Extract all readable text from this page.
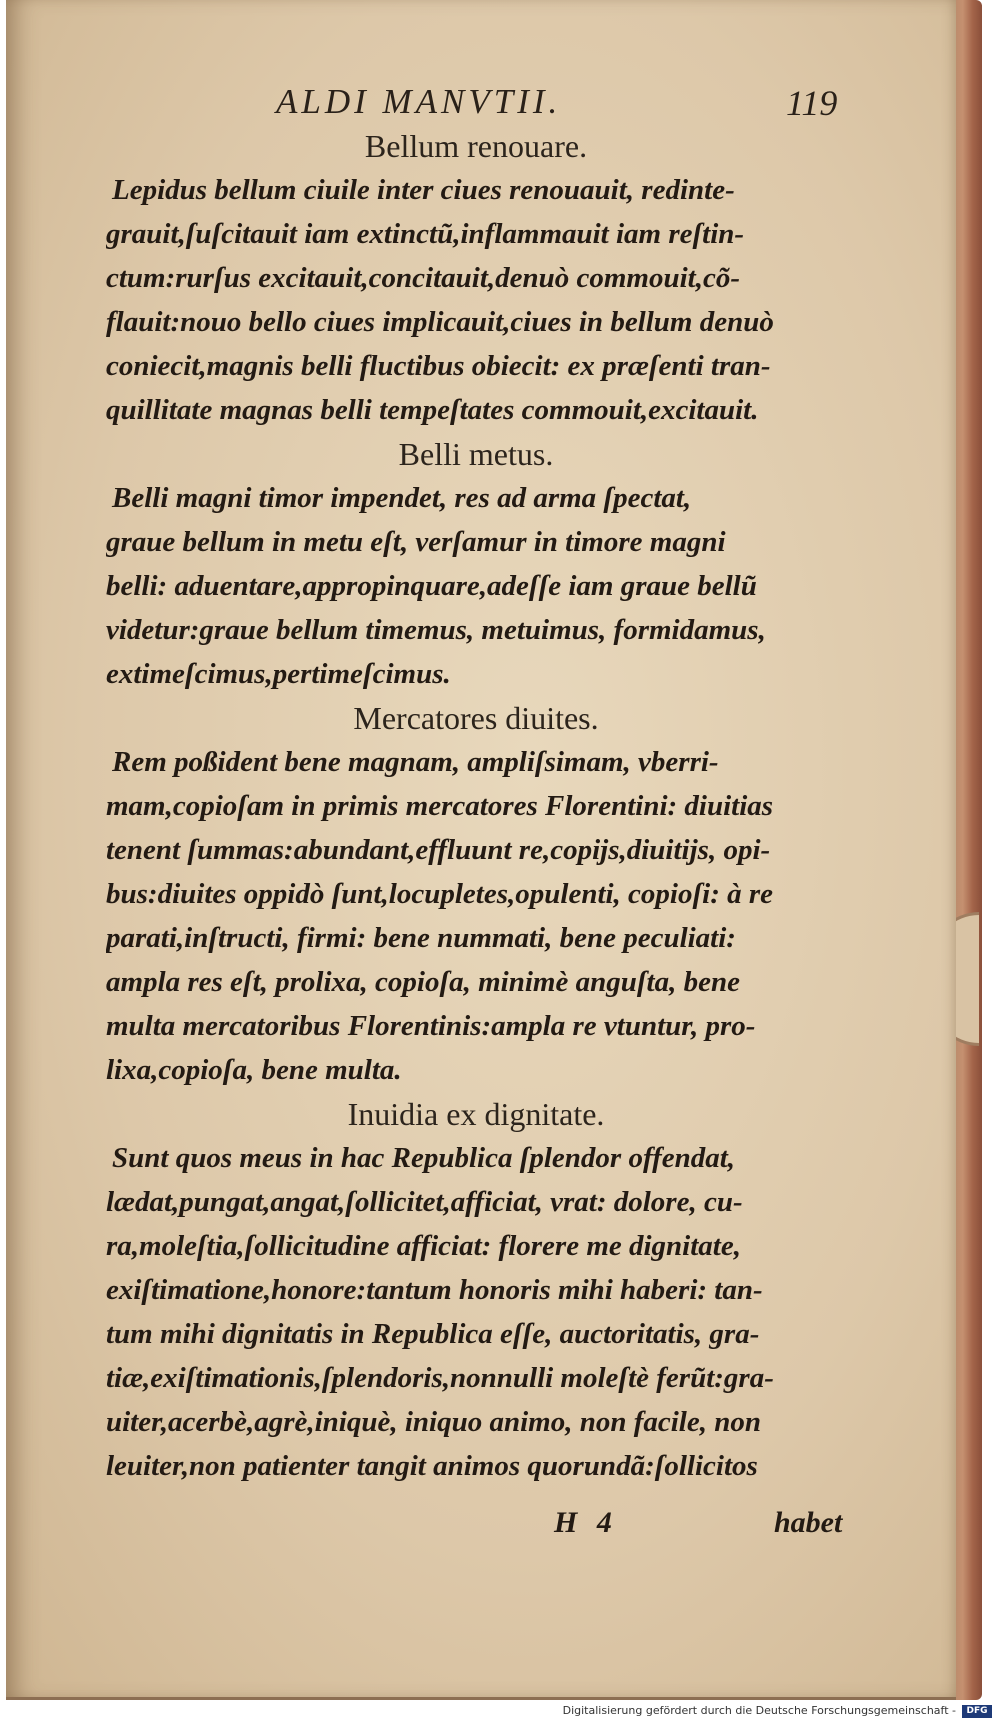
ALDI MANVTII.	119
Bellum renouare.
Lepidus bellum ciuile inter ciues renouauit, redinte-
grauit,ſuſcitauit iam extinctũ,inflammauit iam reſtin-
ctum:rurſus excitauit,concitauit,denuò commouit,cõ-
flauit:nouo bello ciues implicauit,ciues in bellum denuò
coniecit,magnis belli fluctibus obiecit: ex præſenti tran-
quillitate magnas belli tempeſtates commouit,excitauit.
Belli metus.
Belli magni timor impendet, res ad arma ſpectat,
graue bellum in metu eſt, verſamur in timore magni
belli: aduentare,appropinquare,adeſſe iam graue bellũ
videtur:graue bellum timemus, metuimus, formidamus,
extimeſcimus,pertimeſcimus.
Mercatores diuites.
Rem poßident bene magnam, ampliſsimam, vberri-
mam,copioſam in primis mercatores Florentini: diuitias
tenent ſummas:abundant,effluunt re,copijs,diuitijs, opi-
bus:diuites oppidò ſunt,locupletes,opulenti, copioſi: à re
parati,inſtructi, firmi: bene nummati, bene peculiati:
ampla res eſt, prolixa, copioſa, minimè anguſta, bene
multa mercatoribus Florentinis:ampla re vtuntur, pro-
lixa,copioſa, bene multa.
Inuidia ex dignitate.
Sunt quos meus in hac Republica ſplendor offendat,
lædat,pungat,angat,ſollicitet,afficiat, vrat: dolore, cu-
ra,moleſtia,ſollicitudine afficiat: florere me dignitate,
exiſtimatione,honore:tantum honoris mihi haberi: tan-
tum mihi dignitatis in Republica eſſe, auctoritatis, gra-
tiæ,exiſtimationis,ſplendoris,nonnulli moleſtè ferũt:gra-
uiter,acerbè,agrè,iniquè, iniquo animo, non facile, non
leuiter,non patienter tangit animos quorundã:ſollicitos
H 4	habet
Digitalisierung gefördert durch die Deutsche Forschungsgemeinschaft -	DFG
